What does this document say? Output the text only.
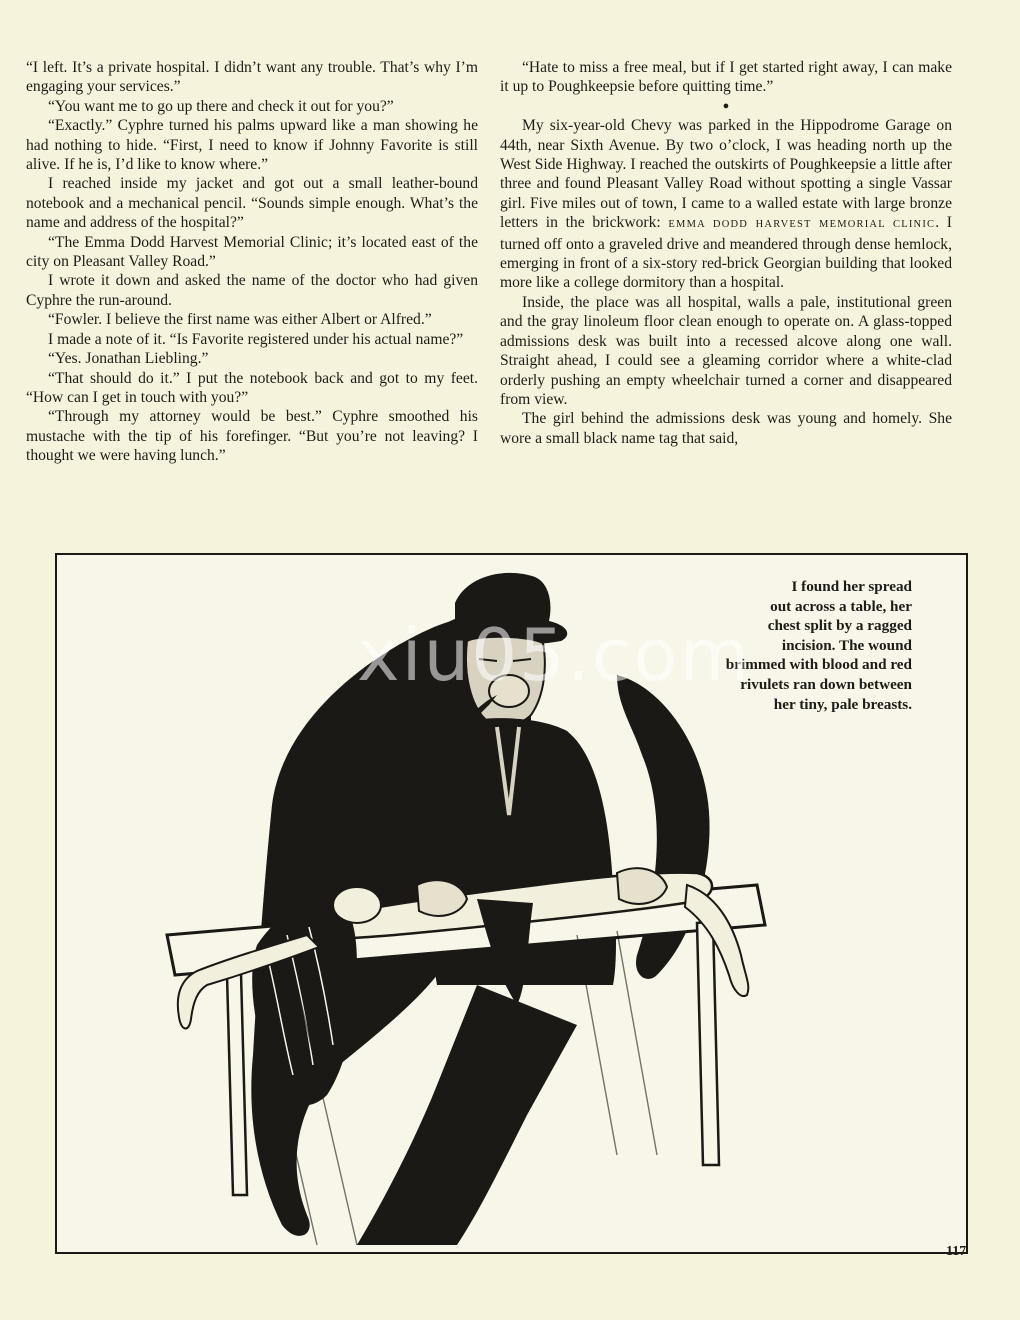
“I left. It’s a private hospital. I didn’t want any trouble. That’s why I’m engaging your services.”

“You want me to go up there and check it out for you?”

“Exactly.” Cyphre turned his palms upward like a man showing he had nothing to hide. “First, I need to know if Johnny Favorite is still alive. If he is, I’d like to know where.”

I reached inside my jacket and got out a small leather-bound notebook and a mechanical pencil. “Sounds simple enough. What’s the name and address of the hospital?”

“The Emma Dodd Harvest Memorial Clinic; it’s located east of the city on Pleasant Valley Road.”

I wrote it down and asked the name of the doctor who had given Cyphre the run-around.

“Fowler. I believe the first name was either Albert or Alfred.”

I made a note of it. “Is Favorite registered under his actual name?”

“Yes. Jonathan Liebling.”

“That should do it.” I put the notebook back and got to my feet. “How can I get in touch with you?”

“Through my attorney would be best.” Cyphre smoothed his mustache with the tip of his forefinger. “But you’re not leaving? I thought we were having lunch.”

“Hate to miss a free meal, but if I get started right away, I can make it up to Poughkeepsie before quitting time.”

●

My six-year-old Chevy was parked in the Hippodrome Garage on 44th, near Sixth Avenue. By two o’clock, I was heading north up the West Side Highway. I reached the outskirts of Poughkeepsie a little after three and found Pleasant Valley Road without spotting a single Vassar girl. Five miles out of town, I came to a walled estate with large bronze letters in the brickwork: EMMA DODD HARVEST MEMORIAL CLINIC. I turned off onto a graveled drive and meandered through dense hemlock, emerging in front of a six-story red-brick Georgian building that looked more like a college dormitory than a hospital.

Inside, the place was all hospital, walls a pale, institutional green and the gray linoleum floor clean enough to operate on. A glass-topped admissions desk was built into a recessed alcove along one wall. Straight ahead, I could see a gleaming corridor where a white-clad orderly pushing an empty wheelchair turned a corner and disappeared from view.

The girl behind the admissions desk was young and homely. She wore a small black name tag that said,

I found her spread
out across a table, her
chest split by a ragged
incision. The wound
brimmed with blood and red
rivulets ran down between
her tiny, pale breasts.
xiu05.com
117
